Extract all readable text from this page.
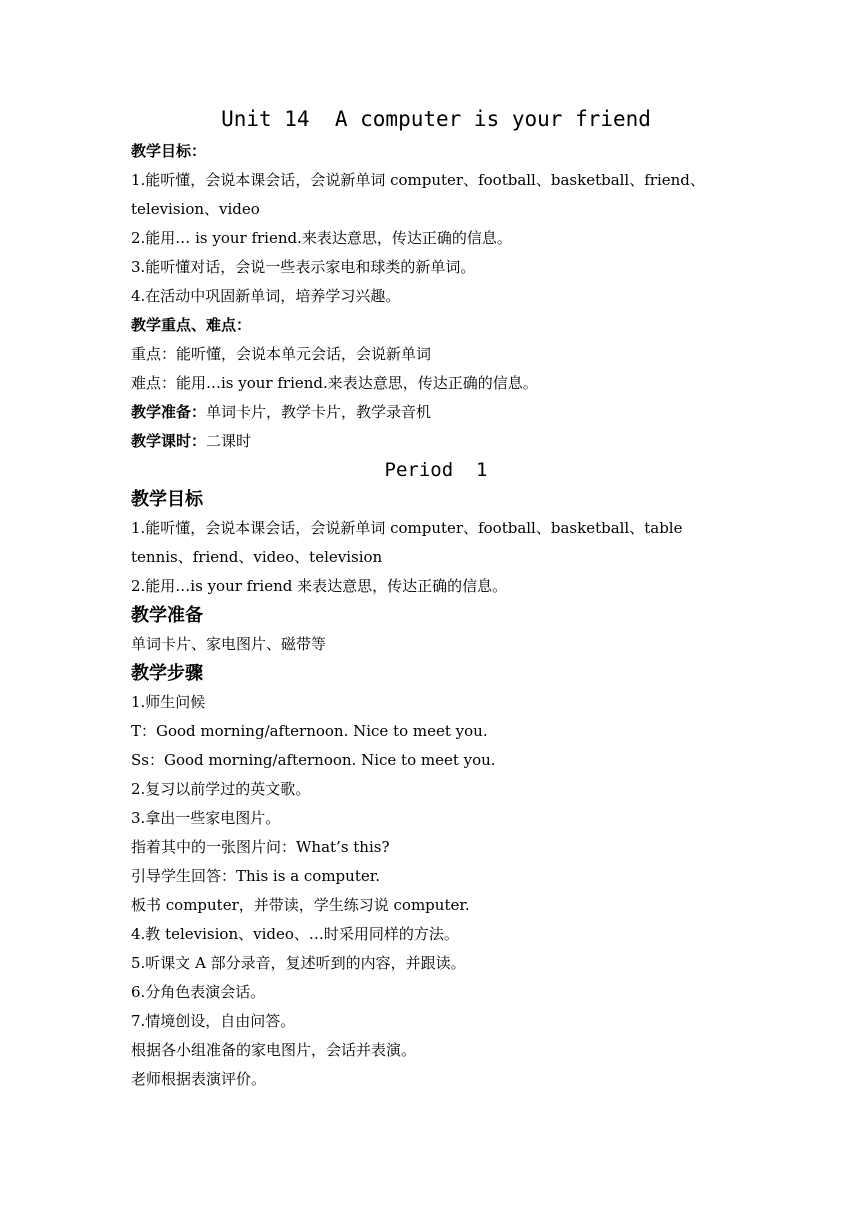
Unit 14  A computer is your friend
教学目标：
1.能听懂，会说本课会话，会说新单词 computer、football、basketball、friend、
television、video
2.能用… is your friend.来表达意思，传达正确的信息。
3.能听懂对话，会说一些表示家电和球类的新单词。
4.在活动中巩固新单词，培养学习兴趣。
教学重点、难点：
重点：能听懂，会说本单元会话，会说新单词
难点：能用…is your friend.来表达意思，传达正确的信息。
教学准备：单词卡片，教学卡片，教学录音机
教学课时：二课时
Period  1
教学目标
1.能听懂，会说本课会话，会说新单词 computer、football、basketball、table
tennis、friend、video、television
2.能用…is your friend 来表达意思，传达正确的信息。
教学准备
单词卡片、家电图片、磁带等
教学步骤
1.师生问候
T：Good morning/afternoon. Nice to meet you.
Ss：Good morning/afternoon. Nice to meet you.
2.复习以前学过的英文歌。
3.拿出一些家电图片。
指着其中的一张图片问：What’s this?
引导学生回答：This is a computer.
板书 computer，并带读，学生练习说 computer.
4.教 television、video、…时采用同样的方法。
5.听课文 A 部分录音，复述听到的内容，并跟读。
6.分角色表演会话。
7.情境创设，自由问答。
根据各小组准备的家电图片，会话并表演。
老师根据表演评价。
